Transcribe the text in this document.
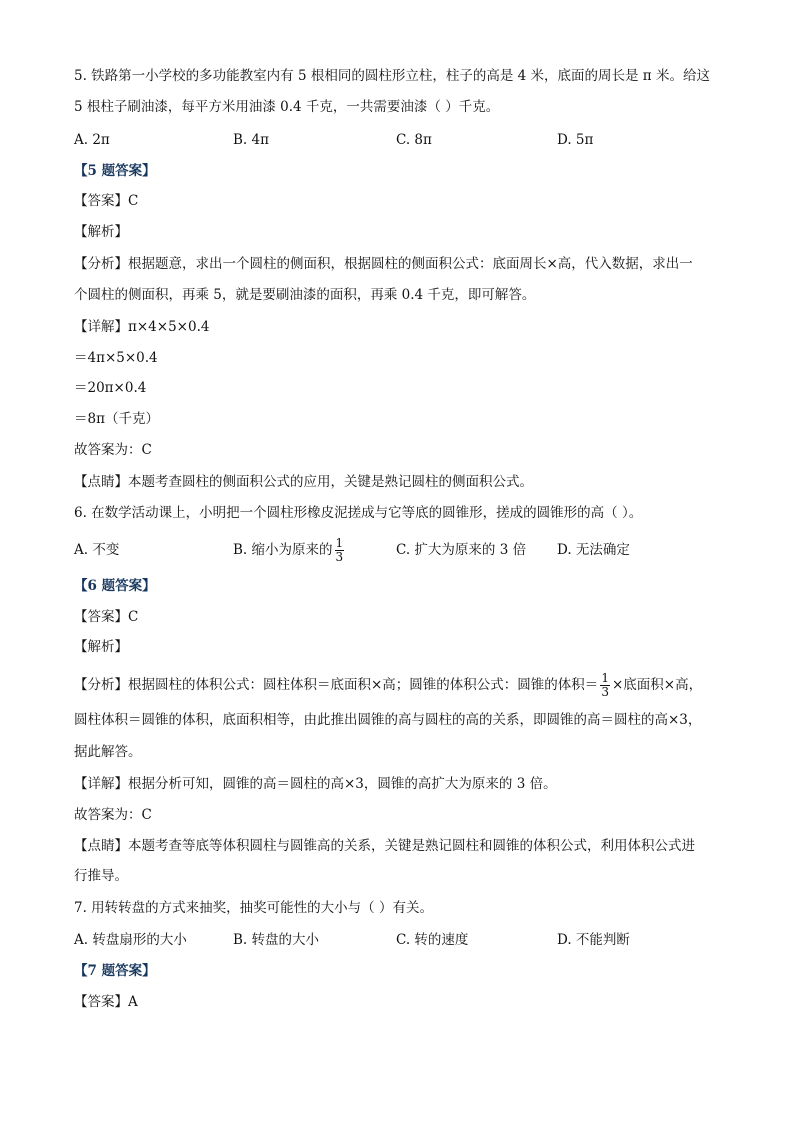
5. 铁路第一小学校的多功能教室内有 5 根相同的圆柱形立柱，柱子的高是 4 米，底面的周长是 π 米。给这
5 根柱子刷油漆，每平方米用油漆 0.4 千克，一共需要油漆（ ）千克。
A. 2π	B. 4π	C. 8π	D. 5π
【5 题答案】
【答案】C
【解析】
【分析】根据题意，求出一个圆柱的侧面积，根据圆柱的侧面积公式：底面周长×高，代入数据，求出一
个圆柱的侧面积，再乘 5，就是要刷油漆的面积，再乘 0.4 千克，即可解答。
【详解】π×4×5×0.4
＝4π×5×0.4
＝20π×0.4
＝8π（千克）
故答案为：C
【点睛】本题考查圆柱的侧面积公式的应用，关键是熟记圆柱的侧面积公式。
6. 在数学活动课上，小明把一个圆柱形橡皮泥搓成与它等底的圆锥形，搓成的圆锥形的高（ ）。
A. 不变	B. 缩小为原来的 $\frac{1}{3}$	C. 扩大为原来的 3 倍 D. 无法确定
【6 题答案】
【答案】C
【解析】
【分析】根据圆柱的体积公式：圆柱体积＝底面积×高；圆锥的体积公式：圆锥的体积＝ $\frac{1}{3}$ ×底面积×高，
圆柱体积＝圆锥的体积，底面积相等，由此推出圆锥的高与圆柱的高的关系，即圆锥的高＝圆柱的高×3，
据此解答。
【详解】根据分析可知，圆锥的高＝圆柱的高×3，圆锥的高扩大为原来的 3 倍。
故答案为：C
【点睛】本题考查等底等体积圆柱与圆锥高的关系，关键是熟记圆柱和圆锥的体积公式，利用体积公式进
行推导。
7. 用转转盘的方式来抽奖，抽奖可能性的大小与（ ）有关。
A. 转盘扇形的大小	B. 转盘的大小	C. 转的速度	D. 不能判断
【7 题答案】
【答案】A
